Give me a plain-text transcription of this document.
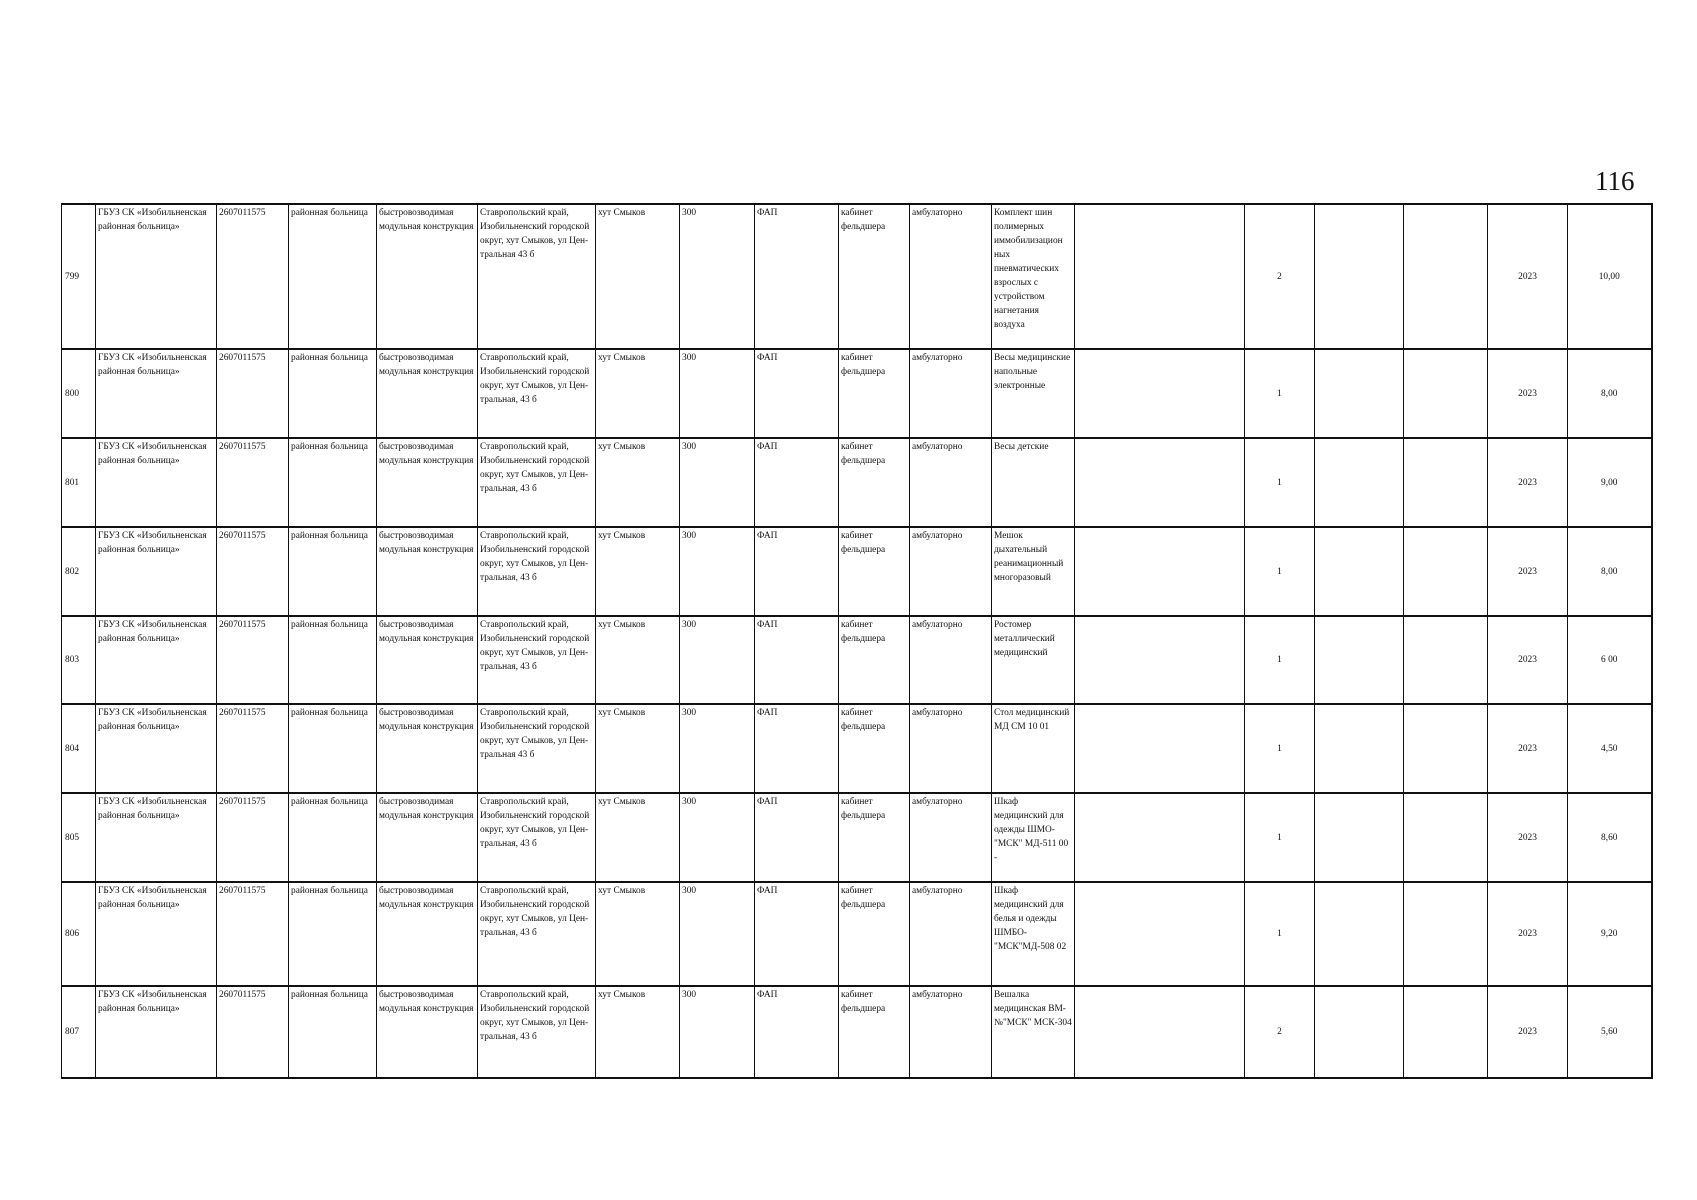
116
799	ГБУЗ СК «Изобильненская районная больница»	2607011575	районная больница	быстровозводимая модульная конструкция	Ставропольский край, Изобильненский городской округ, хут Смыков, ул Цен-тральная 43 б	хут Смыков	300	ФАП	кабинет фельдшера	амбулаторно	Комплект шин полимерных иммобилизацион ных пневматических взрослых с устройством нагнетания воздуха		2			2023	10,00
800	ГБУЗ СК «Изобильненская районная больница»	2607011575	районная больница	быстровозводимая модульная конструкция	Ставропольский край, Изобильненский городской округ, хут Смыков, ул Цен-тральная, 43 б	хут Смыков	300	ФАП	кабинет фельдшера	амбулаторно	Весы медицинские напольные электронные		1			2023	8,00
801	ГБУЗ СК «Изобильненская районная больница»	2607011575	районная больница	быстровозводимая модульная конструкция	Ставропольский край, Изобильненский городской округ, хут Смыков, ул Цен-тральная, 43 б	хут Смыков	300	ФАП	кабинет фельдшера	амбулаторно	Весы детские		1			2023	9,00
802	ГБУЗ СК «Изобильненская районная больница»	2607011575	районная больница	быстровозводимая модульная конструкция	Ставропольский край, Изобильненский городской округ, хут Смыков, ул Цен-тральная, 43 б	хут Смыков	300	ФАП	кабинет фельдшера	амбулаторно	Мешок дыхательный реанимационный многоразовый		1			2023	8,00
803	ГБУЗ СК «Изобильненская районная больница»	2607011575	районная больница	быстровозводимая модульная конструкция	Ставропольский край, Изобильненский городской округ, хут Смыков, ул Цен-тральная, 43 б	хут Смыков	300	ФАП	кабинет фельдшера	амбулаторно	Ростомер металлический медицинский		1			2023	6 00
804	ГБУЗ СК «Изобильненская районная больница»	2607011575	районная больница	быстровозводимая модульная конструкция	Ставропольский край, Изобильненский городской округ, хут Смыков, ул Цен-тральная 43 б	хут Смыков	300	ФАП	кабинет фельдшера	амбулаторно	Стол медицинский МД СМ 10 01		1			2023	4,50
805	ГБУЗ СК «Изобильненская районная больница»	2607011575	районная больница	быстровозводимая модульная конструкция	Ставропольский край, Изобильненский городской округ, хут Смыков, ул Цен-тральная, 43 б	хут Смыков	300	ФАП	кабинет фельдшера	амбулаторно	Шкаф медицинский для одежды ШМО-"МСК" МД-511 00 -		1			2023	8,60
806	ГБУЗ СК «Изобильненская районная больница»	2607011575	районная больница	быстровозводимая модульная конструкция	Ставропольский край, Изобильненский городской округ, хут Смыков, ул Цен-тральная, 43 б	хут Смыков	300	ФАП	кабинет фельдшера	амбулаторно	Шкаф медицинский для белья и одежды ШМБО-"МСК"МД-508 02		1			2023	9,20
807	ГБУЗ СК «Изобильненская районная больница»	2607011575	районная больница	быстровозводимая модульная конструкция	Ставропольский край, Изобильненский городской округ, хут Смыков, ул Цен-тральная, 43 б	хут Смыков	300	ФАП	кабинет фельдшера	амбулаторно	Вешалка медицинская ВМ-№"МСК" МСК-304		2			2023	5,60
